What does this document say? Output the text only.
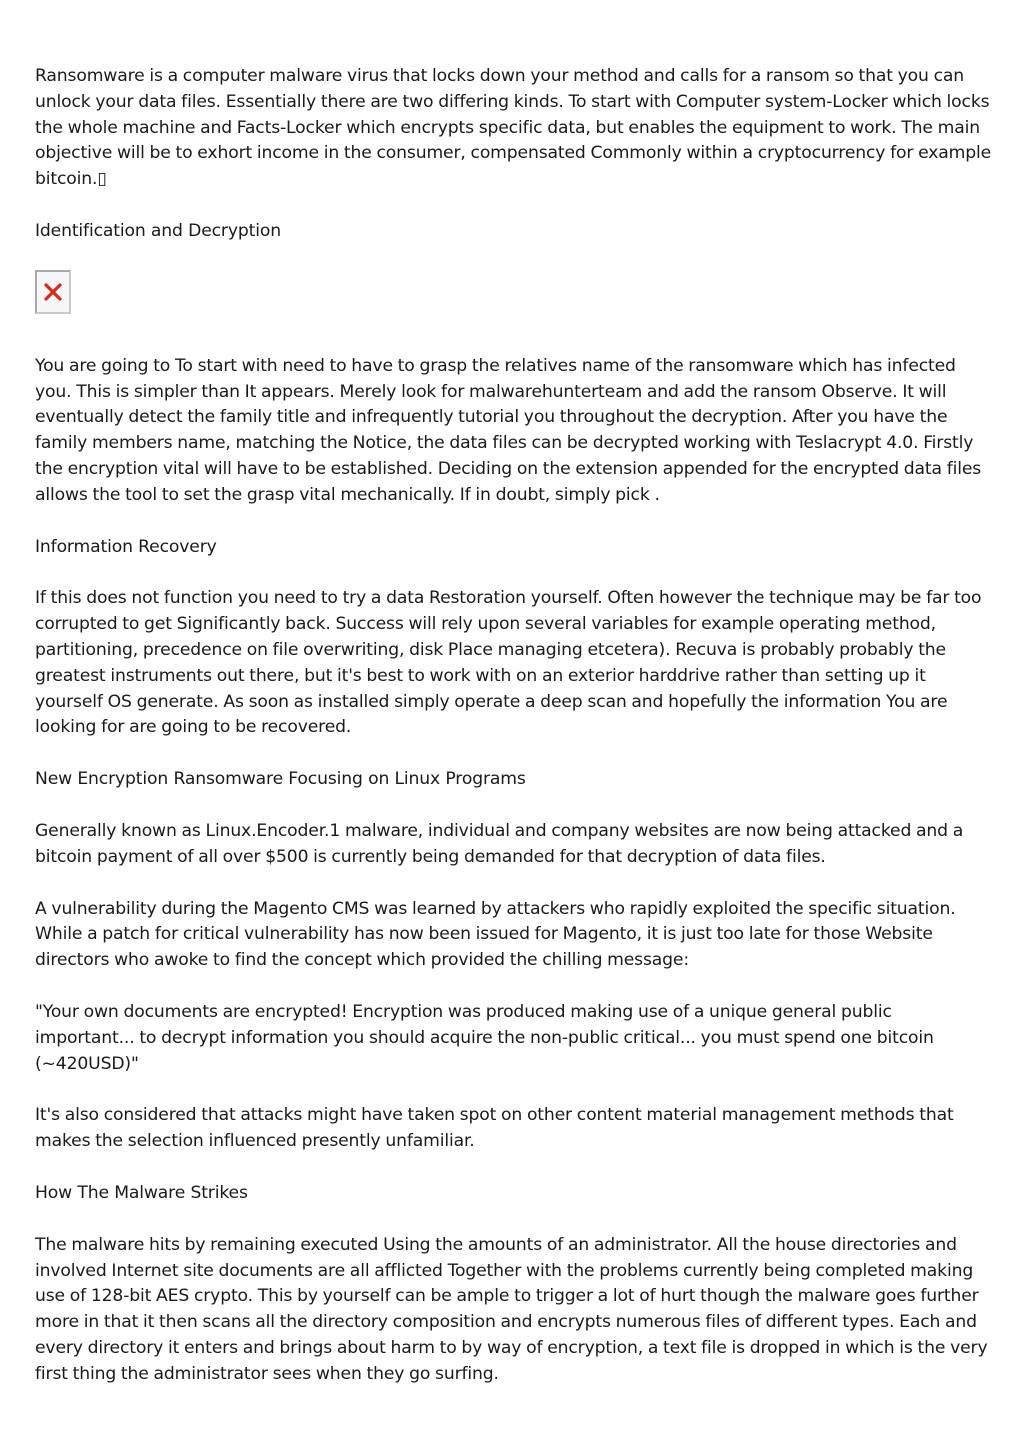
Ransomware is a computer malware virus that locks down your method and calls for a ransom so that you can unlock your data files. Essentially there are two differing kinds. To start with Computer system-Locker which locks the whole machine and Facts-Locker which encrypts specific data, but enables the equipment to work. The main objective will be to exhort income in the consumer, compensated Commonly within a cryptocurrency for example bitcoin.▯

Identification and Decryption

You are going to To start with need to have to grasp the relatives name of the ransomware which has infected you. This is simpler than It appears. Merely look for malwarehunterteam and add the ransom Observe. It will eventually detect the family title and infrequently tutorial you throughout the decryption. After you have the family members name, matching the Notice, the data files can be decrypted working with Teslacrypt 4.0. Firstly the encryption vital will have to be established. Deciding on the extension appended for the encrypted data files allows the tool to set the grasp vital mechanically. If in doubt, simply pick .

Information Recovery

If this does not function you need to try a data Restoration yourself. Often however the technique may be far too corrupted to get Significantly back. Success will rely upon several variables for example operating method, partitioning, precedence on file overwriting, disk Place managing etcetera). Recuva is probably probably the greatest instruments out there, but it's best to work with on an exterior harddrive rather than setting up it yourself OS generate. As soon as installed simply operate a deep scan and hopefully the information You are looking for are going to be recovered.

New Encryption Ransomware Focusing on Linux Programs

Generally known as Linux.Encoder.1 malware, individual and company websites are now being attacked and a bitcoin payment of all over $500 is currently being demanded for that decryption of data files.

A vulnerability during the Magento CMS was learned by attackers who rapidly exploited the specific situation. While a patch for critical vulnerability has now been issued for Magento, it is just too late for those Website directors who awoke to find the concept which provided the chilling message:

"Your own documents are encrypted! Encryption was produced making use of a unique general public important... to decrypt information you should acquire the non-public critical... you must spend one bitcoin (~420USD)"

It's also considered that attacks might have taken spot on other content material management methods that makes the selection influenced presently unfamiliar.

How The Malware Strikes

The malware hits by remaining executed Using the amounts of an administrator. All the house directories and involved Internet site documents are all afflicted Together with the problems currently being completed making use of 128-bit AES crypto. This by yourself can be ample to trigger a lot of hurt though the malware goes further more in that it then scans all the directory composition and encrypts numerous files of different types. Each and every directory it enters and brings about harm to by way of encryption, a text file is dropped in which is the very first thing the administrator sees when they go surfing.
